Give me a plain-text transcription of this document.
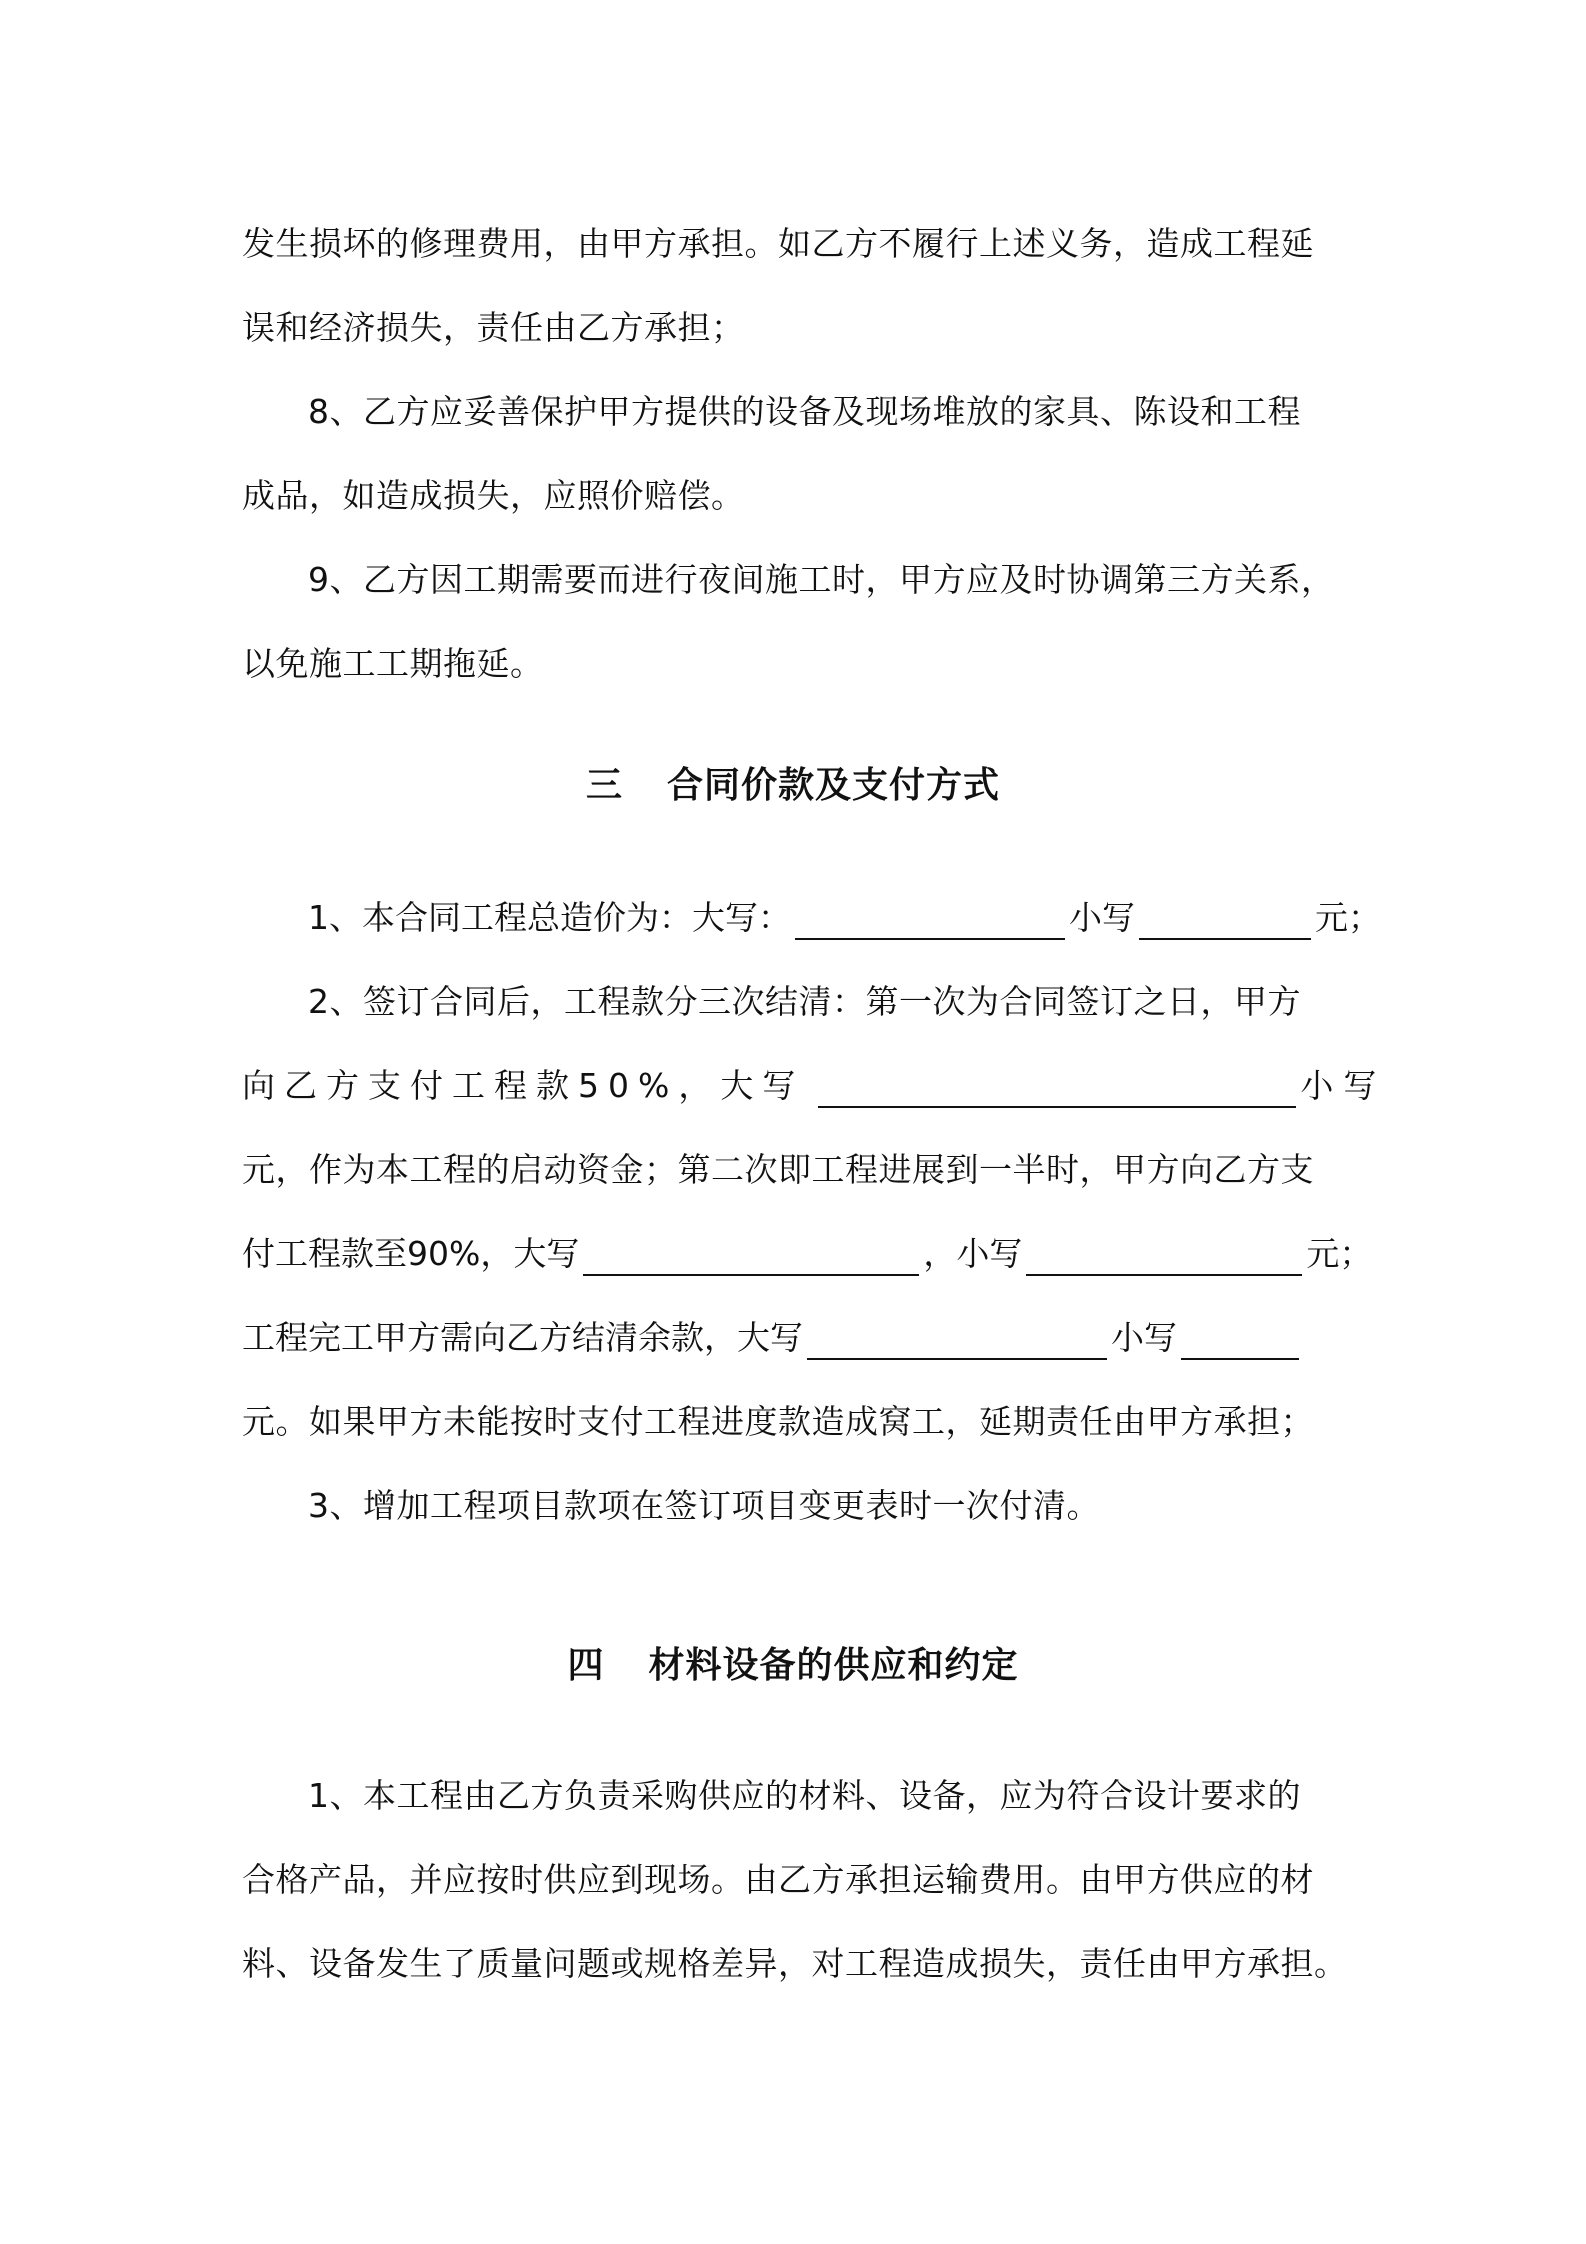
发生损坏的修理费用，由甲方承担。如乙方不履行上述义务，造成工程延
误和经济损失，责任由乙方承担；
8、乙方应妥善保护甲方提供的设备及现场堆放的家具、陈设和工程
成品，如造成损失，应照价赔偿。
9、乙方因工期需要而进行夜间施工时，甲方应及时协调第三方关系，
以免施工工期拖延。
三 合同价款及支付方式
1、本合同工程总造价为：大写：	小写	元；
2、签订合同后，工程款分三次结清：第一次为合同签订之日，甲方
向乙方支付工程款50%，大写	小写
元，作为本工程的启动资金；第二次即工程进展到一半时，甲方向乙方支
付工程款至90%，大写	，小写	元；
工程完工甲方需向乙方结清余款，大写	小写
元。如果甲方未能按时支付工程进度款造成窝工，延期责任由甲方承担；
3、增加工程项目款项在签订项目变更表时一次付清。
四 材料设备的供应和约定
1、本工程由乙方负责采购供应的材料、设备，应为符合设计要求的
合格产品，并应按时供应到现场。由乙方承担运输费用。由甲方供应的材
料、设备发生了质量问题或规格差异，对工程造成损失，责任由甲方承担。
